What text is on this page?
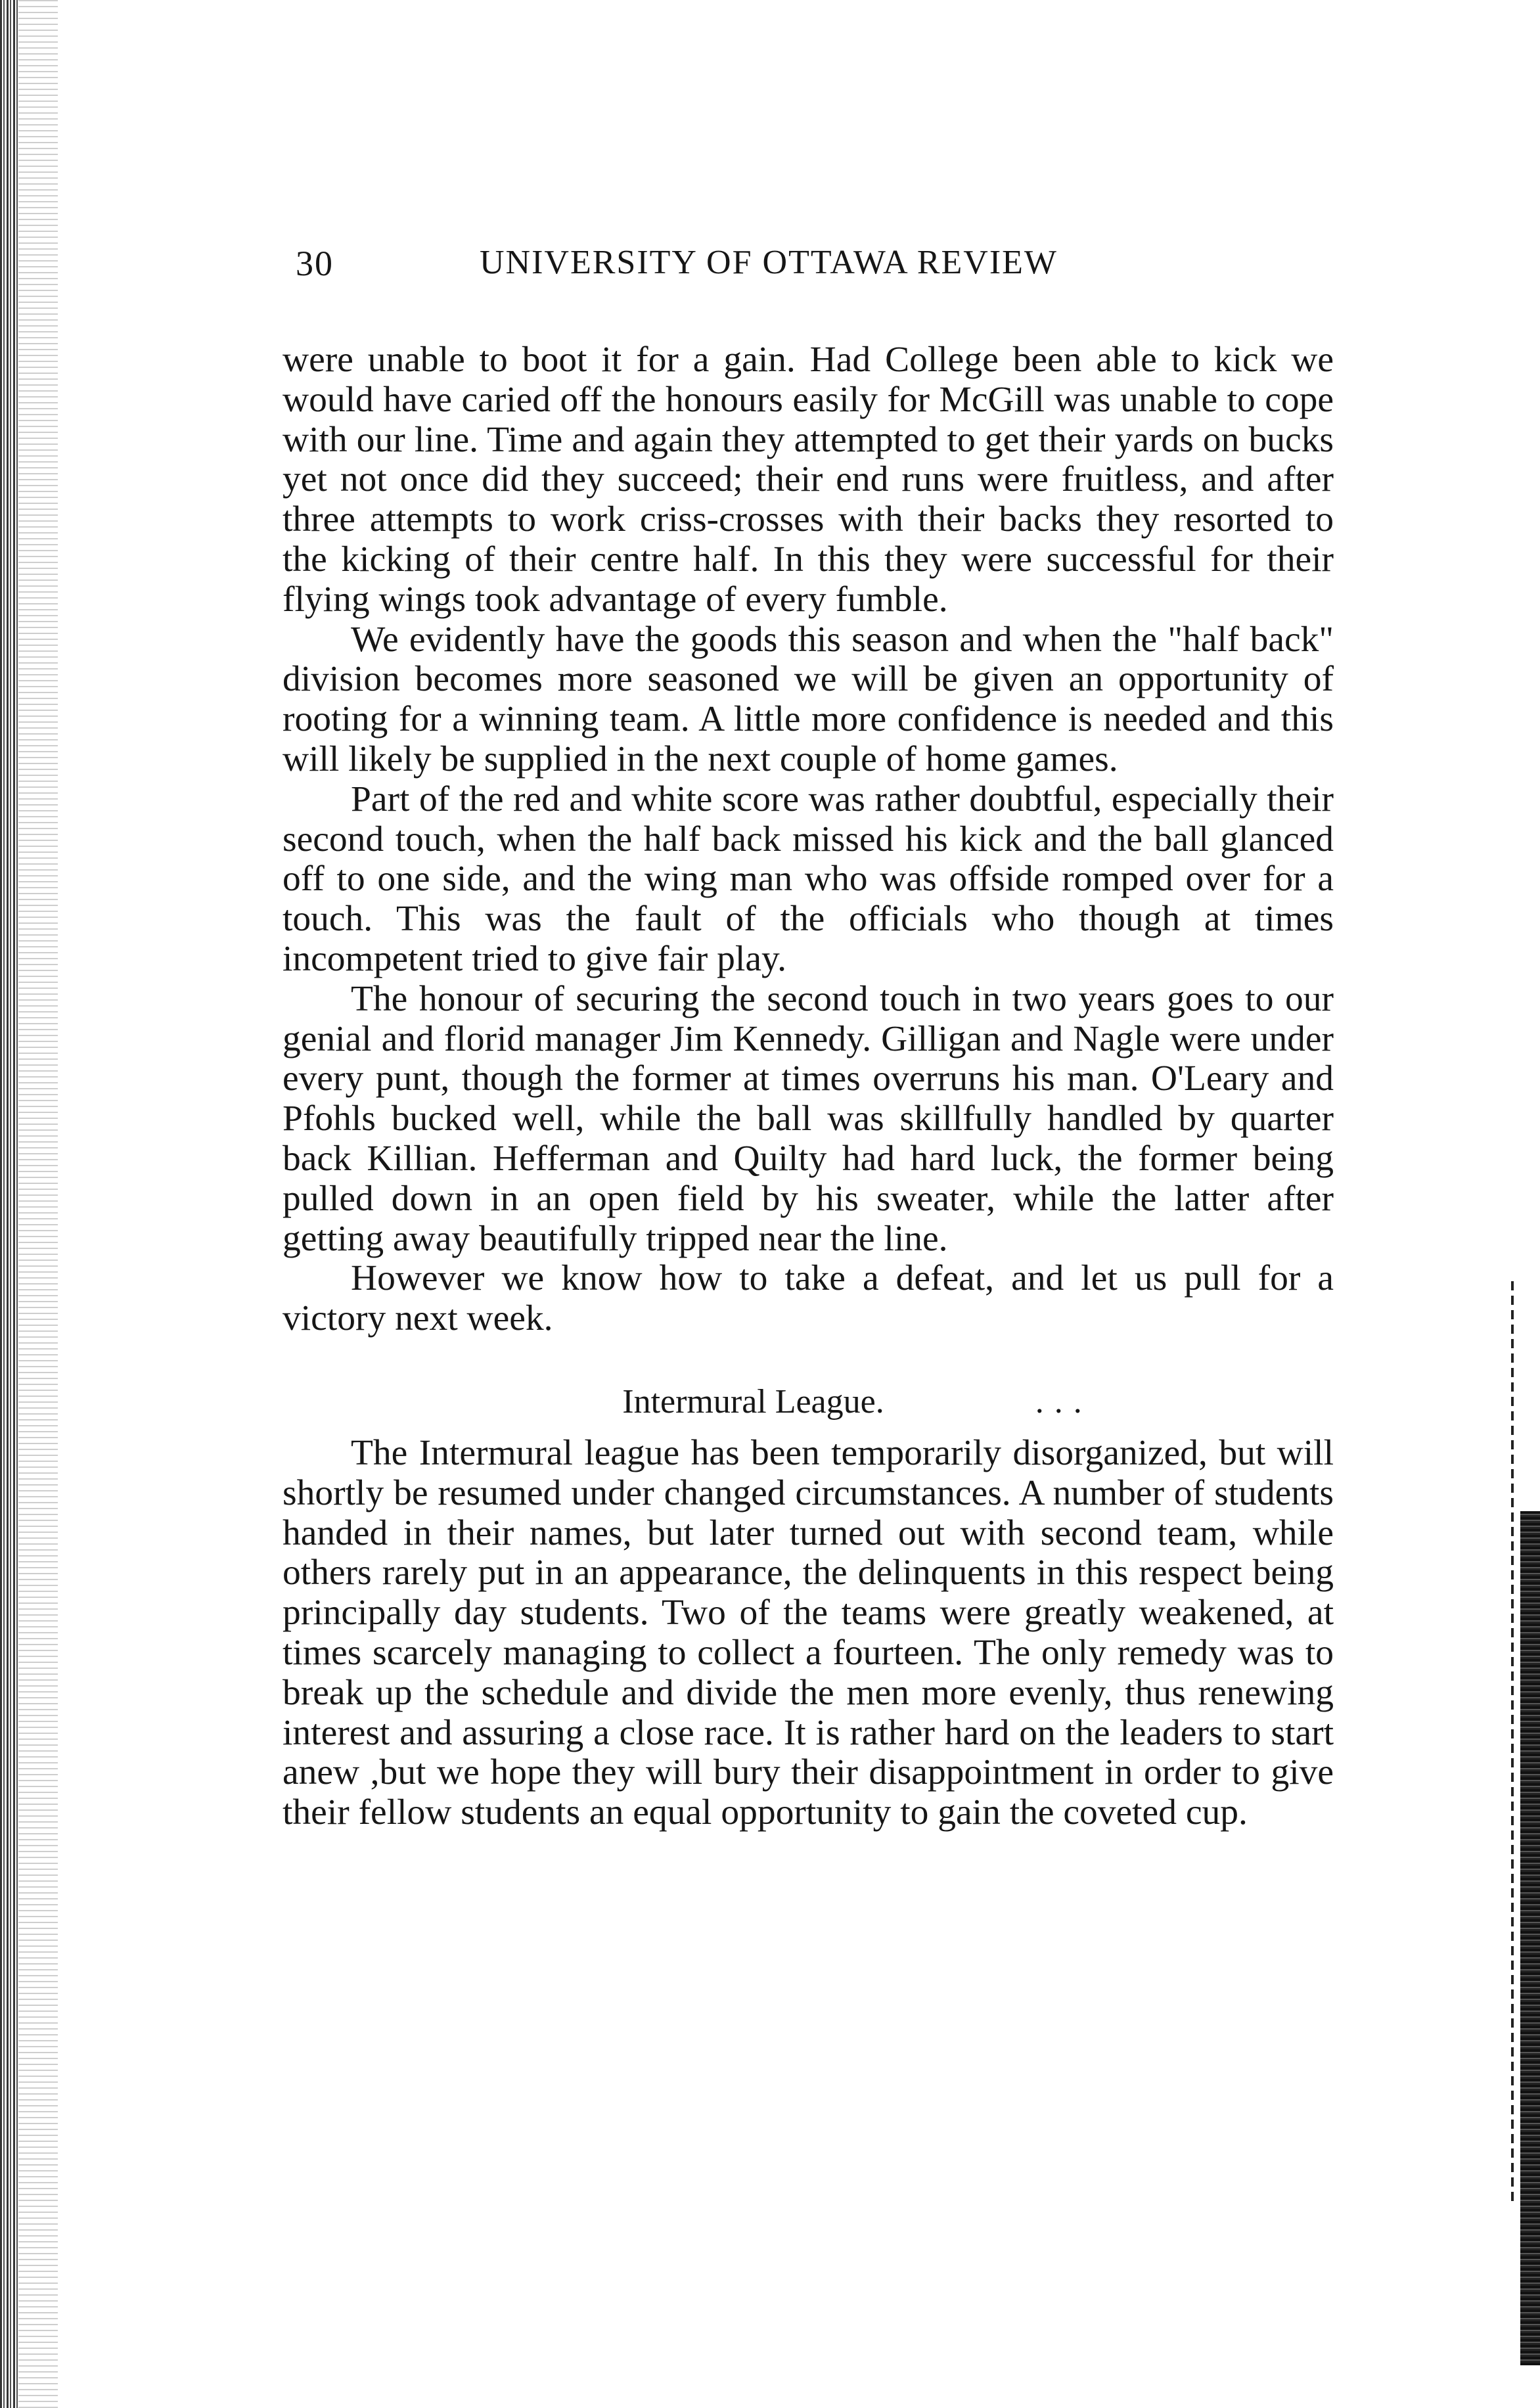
30	UNIVERSITY OF OTTAWA REVIEW

were unable to boot it for a gain. Had College been able to kick we would have caried off the honours easily for McGill was unable to cope with our line. Time and again they attempted to get their yards on bucks yet not once did they succeed; their end runs were fruitless, and after three attempts to work criss-crosses with their backs they resorted to the kicking of their centre half. In this they were successful for their flying wings took advantage of every fumble.

We evidently have the goods this season and when the "half back" division becomes more seasoned we will be given an opportunity of rooting for a winning team. A little more confidence is needed and this will likely be supplied in the next couple of home games.

Part of the red and white score was rather doubtful, especially their second touch, when the half back missed his kick and the ball glanced off to one side, and the wing man who was offside romped over for a touch. This was the fault of the officials who though at times incompetent tried to give fair play.

The honour of securing the second touch in two years goes to our genial and florid manager Jim Kennedy. Gilligan and Nagle were under every punt, though the former at times overruns his man. O'Leary and Pfohls bucked well, while the ball was skillfully handled by quarter back Killian. Hefferman and Quilty had hard luck, the former being pulled down in an open field by his sweater, while the latter after getting away beautifully tripped near the line.

However we know how to take a defeat, and let us pull for a victory next week.

Intermural League.	...

The Intermural league has been temporarily disorganized, but will shortly be resumed under changed circumstances. A number of students handed in their names, but later turned out with second team, while others rarely put in an appearance, the delinquents in this respect being principally day students. Two of the teams were greatly weakened, at times scarcely managing to collect a fourteen. The only remedy was to break up the schedule and divide the men more evenly, thus renewing interest and assuring a close race. It is rather hard on the leaders to start anew ,but we hope they will bury their disappointment in order to give their fellow students an equal opportunity to gain the coveted cup.
